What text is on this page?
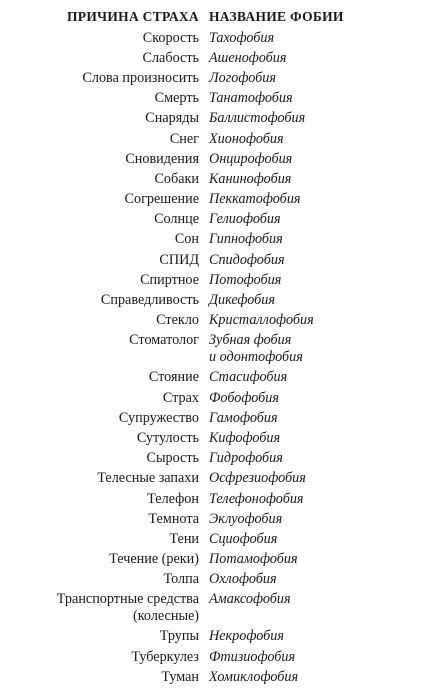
ПРИЧИНА СТРАХА НАЗВАНИЕ ФОБИИ
Скорость Тахофобия
Слабость Ашенофобия
Слова произносить Логофобия
Смерть Танатофобия
Снаряды Баллистофобия
Снег Хионофобия
Сновидения Онцирофобия
Собаки Канинофобия
Согрешение Пеккатофобия
Солнце Гелиофобия
Сон Гипнофобия
СПИД Спидофобия
Спиртное Потофобия
Справедливость Дикефобия
Стекло Кристаллофобия
Стоматолог Зубная фобия
и одонтофобия
Стояние Стасифобия
Страх Фобофобия
Супружество Гамофобия
Сутулость Кифофобия
Сырость Гидрофобия
Телесные запахи Осфрезиофобия
Телефон Телефонофобия
Темнота Эклуофобия
Тени Сциофобия
Течение (реки) Потамофобия
Толпа Охлофобия
Транспортные средства
(колесные)
Амаксофобия
Трупы Некрофобия
Туберкулез Фтизиофобия
Туман Хомиклофобия
